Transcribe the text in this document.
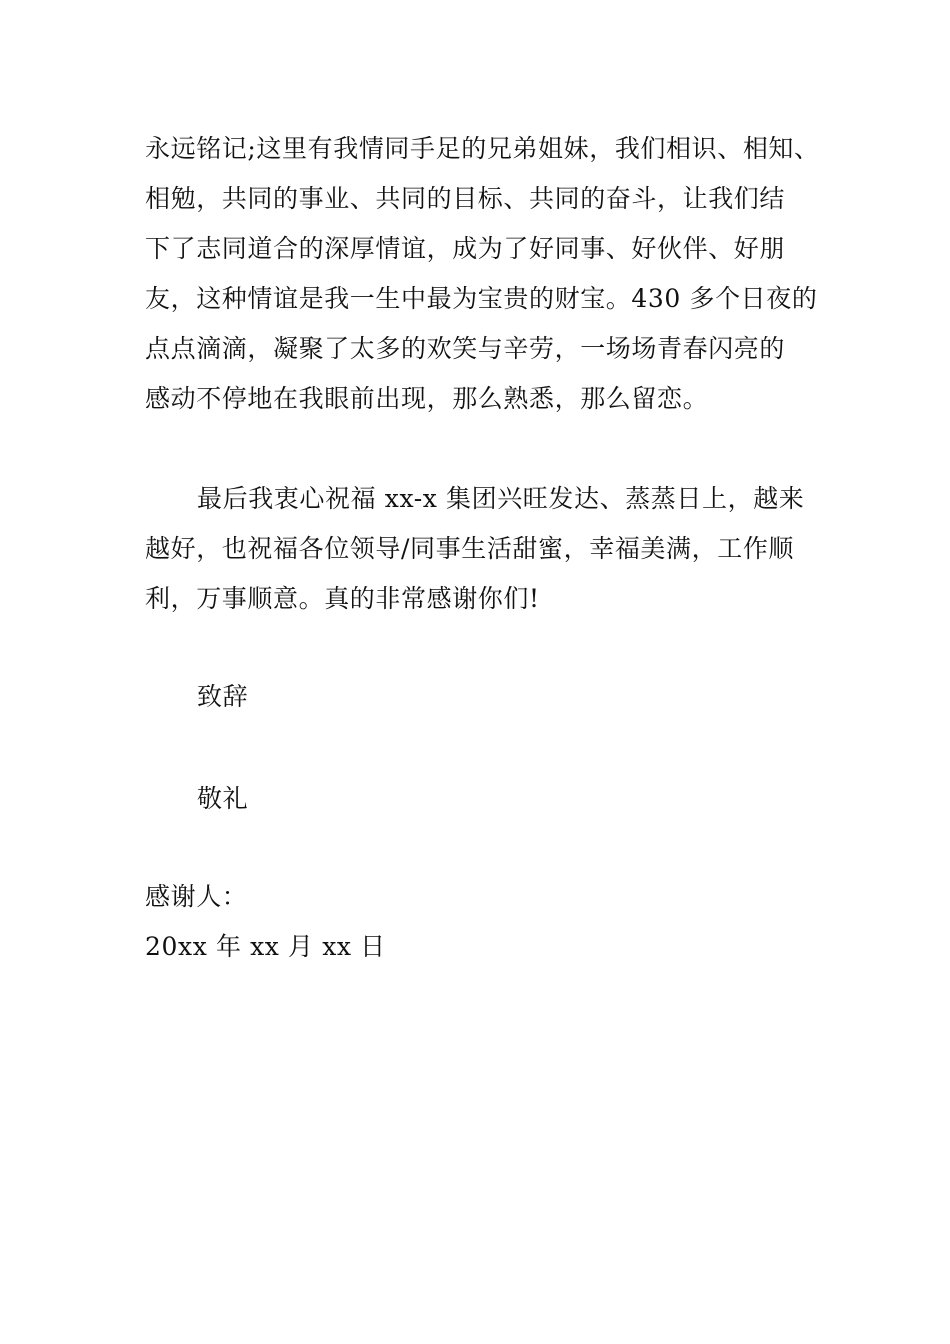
永远铭记;这里有我情同手足的兄弟姐妹，我们相识、相知、
相勉，共同的事业、共同的目标、共同的奋斗，让我们结
下了志同道合的深厚情谊，成为了好同事、好伙伴、好朋
友，这种情谊是我一生中最为宝贵的财宝。430 多个日夜的
点点滴滴，凝聚了太多的欢笑与辛劳，一场场青春闪亮的
感动不停地在我眼前出现，那么熟悉，那么留恋。
最后我衷心祝福 xx-x 集团兴旺发达、蒸蒸日上，越来
越好，也祝福各位领导/同事生活甜蜜，幸福美满，工作顺
利，万事顺意。真的非常感谢你们!
致辞
敬礼
感谢人：
20xx 年 xx 月 xx 日
